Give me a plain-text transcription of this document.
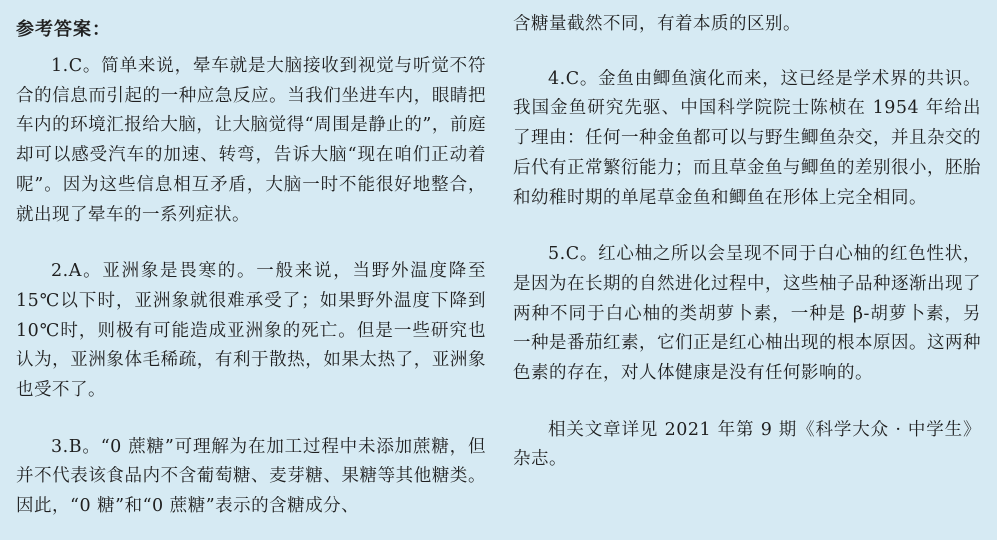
参考答案：

1.C。简单来说，晕车就是大脑接收到视觉与听觉不符合的信息而引起的一种应急反应。当我们坐进车内，眼睛把车内的环境汇报给大脑，让大脑觉得“周围是静止的”，前庭却可以感受汽车的加速、转弯，告诉大脑“现在咱们正动着呢”。因为这些信息相互矛盾，大脑一时不能很好地整合，就出现了晕车的一系列症状。

2.A。亚洲象是畏寒的。一般来说，当野外温度降至 15℃以下时，亚洲象就很难承受了；如果野外温度下降到 10℃时，则极有可能造成亚洲象的死亡。但是一些研究也认为，亚洲象体毛稀疏，有利于散热，如果太热了，亚洲象也受不了。

3.B。“0 蔗糖”可理解为在加工过程中未添加蔗糖，但并不代表该食品内不含葡萄糖、麦芽糖、果糖等其他糖类。因此，“0 糖”和“0 蔗糖”表示的含糖成分、

含糖量截然不同，有着本质的区别。

4.C。金鱼由鲫鱼演化而来，这已经是学术界的共识。我国金鱼研究先驱、中国科学院院士陈桢在 1954 年给出了理由：任何一种金鱼都可以与野生鲫鱼杂交，并且杂交的后代有正常繁衍能力；而且草金鱼与鲫鱼的差别很小，胚胎和幼稚时期的单尾草金鱼和鲫鱼在形体上完全相同。

5.C。红心柚之所以会呈现不同于白心柚的红色性状，是因为在长期的自然进化过程中，这些柚子品种逐渐出现了两种不同于白心柚的类胡萝卜素，一种是 β-胡萝卜素，另一种是番茄红素，它们正是红心柚出现的根本原因。这两种色素的存在，对人体健康是没有任何影响的。

相关文章详见 2021 年第 9 期《科学大众 · 中学生》杂志。
